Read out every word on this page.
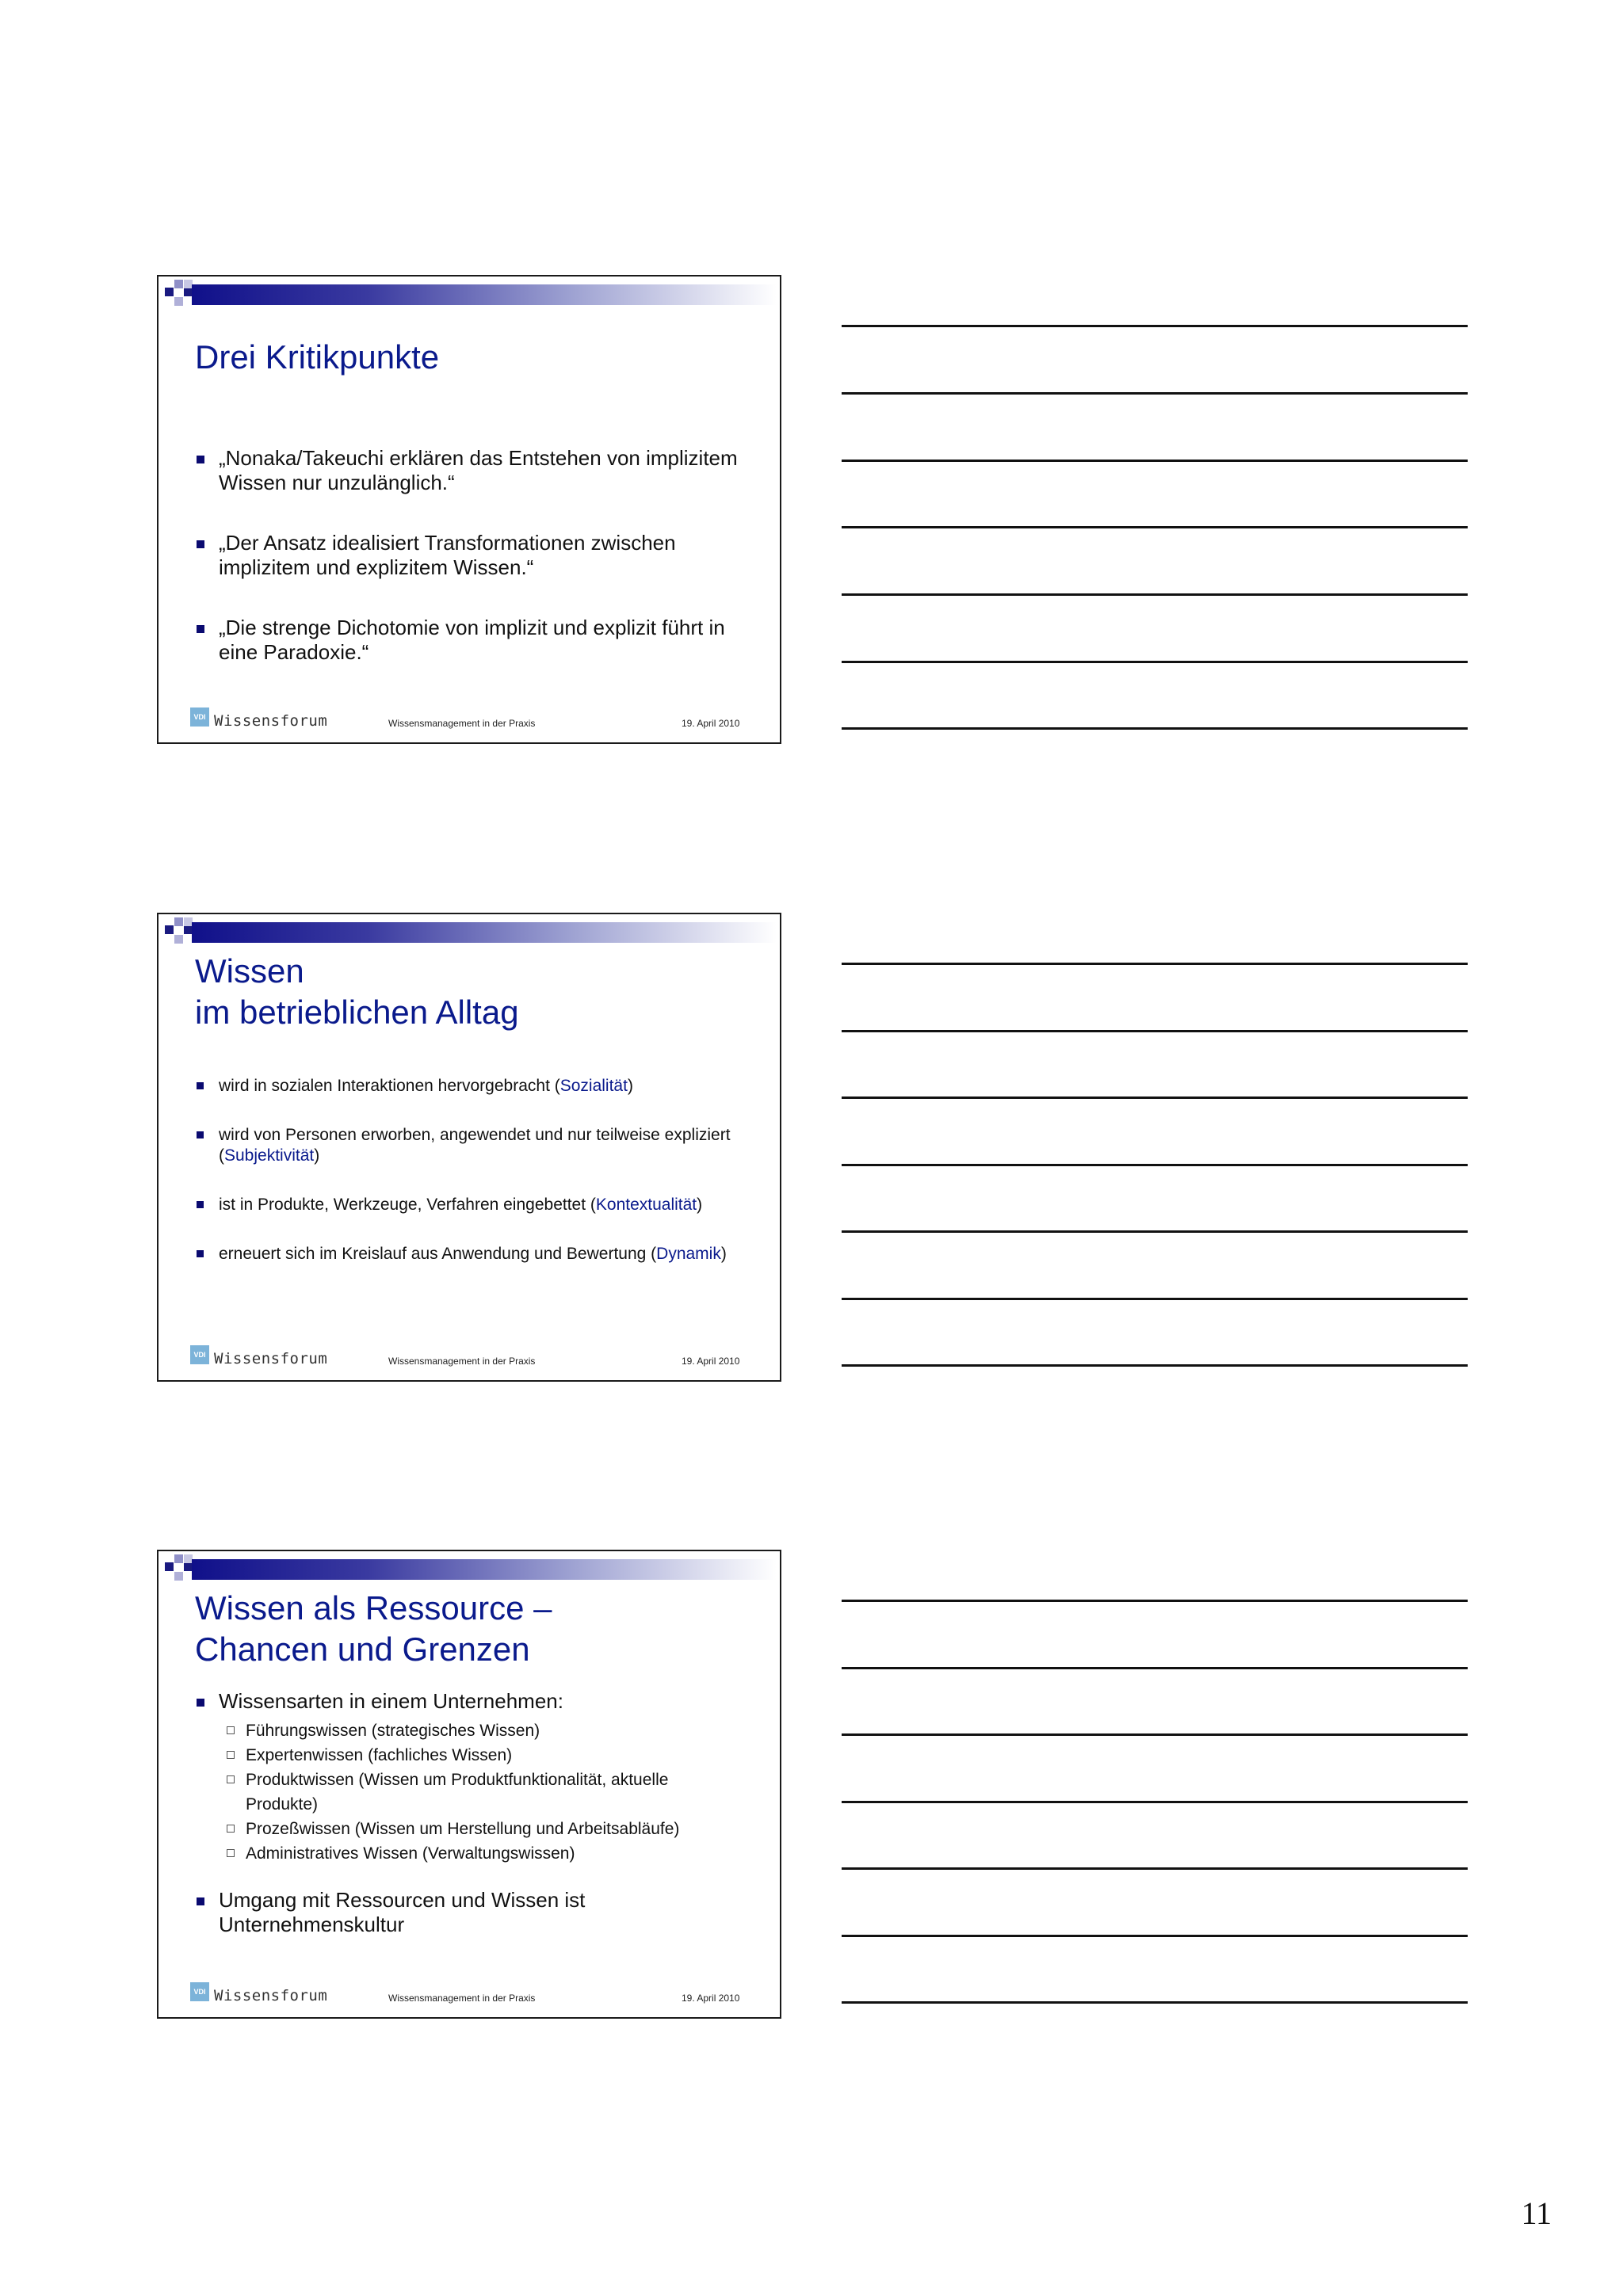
Drei Kritikpunkte
„Nonaka/Takeuchi erklären das Entstehen von implizitem Wissen nur unzulänglich.“
„Der Ansatz idealisiert Transformationen zwischen implizitem und explizitem Wissen.“
„Die strenge Dichotomie von implizit und explizit führt in eine Paradoxie.“
VDI Wissensforum	Wissensmanagement in der Praxis	19. April 2010
Wissen
im betrieblichen Alltag
wird in sozialen Interaktionen hervorgebracht (Sozialität)
wird von Personen erworben, angewendet und nur teilweise expliziert (Subjektivität)
ist in Produkte, Werkzeuge, Verfahren eingebettet (Kontextualität)
erneuert sich im Kreislauf aus Anwendung und Bewertung (Dynamik)
VDI Wissensforum	Wissensmanagement in der Praxis	19. April 2010
Wissen als Ressource –
Chancen und Grenzen
Wissensarten in einem Unternehmen:
Führungswissen (strategisches Wissen)
Expertenwissen (fachliches Wissen)
Produktwissen (Wissen um Produktfunktionalität, aktuelle Produkte)
Prozeßwissen (Wissen um Herstellung und Arbeitsabläufe)
Administratives Wissen (Verwaltungswissen)
Umgang mit Ressourcen und Wissen ist Unternehmenskultur
VDI Wissensforum	Wissensmanagement in der Praxis	19. April 2010
11
